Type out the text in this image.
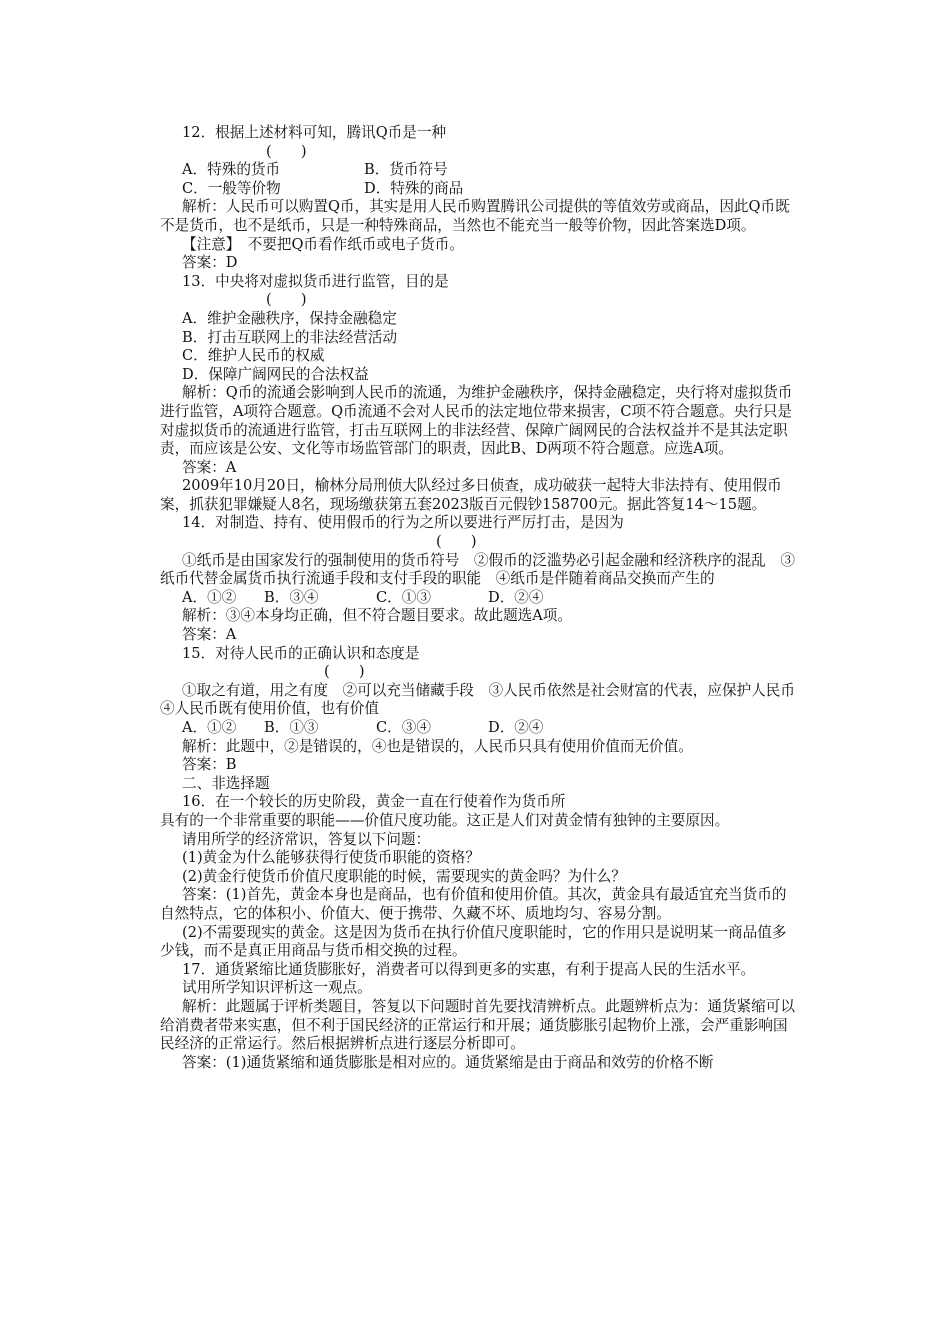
12．根据上述材料可知，腾讯Q币是一种

(　　)

A．特殊的货币	B．货币符号
C．一般等价物	D．特殊的商品

解析：人民币可以购置Q币，其实是用人民币购置腾讯公司提供的等值效劳或商品，因此Q币既不是货币，也不是纸币，只是一种特殊商品，当然也不能充当一般等价物，因此答案选D项。

【注意】　不要把Q币看作纸币或电子货币。

答案：D

13．中央将对虚拟货币进行监管，目的是

(　　)

A．维护金融秩序，保持金融稳定

B．打击互联网上的非法经营活动

C．维护人民币的权威

D．保障广阔网民的合法权益

解析：Q币的流通会影响到人民币的流通，为维护金融秩序，保持金融稳定，央行将对虚拟货币进行监管，A项符合题意。Q币流通不会对人民币的法定地位带来损害，C项不符合题意。央行只是对虚拟货币的流通进行监管，打击互联网上的非法经营、保障广阔网民的合法权益并不是其法定职责，而应该是公安、文化等市场监管部门的职责，因此B、D两项不符合题意。应选A项。

答案：A

2009年10月20日，榆林分局刑侦大队经过多日侦查，成功破获一起特大非法持有、使用假币案，抓获犯罪嫌疑人8名，现场缴获第五套2023版百元假钞158700元。据此答复14～15题。

14．对制造、持有、使用假币的行为之所以要进行严厉打击，是因为

(　　)

①纸币是由国家发行的强制使用的货币符号　②假币的泛滥势必引起金融和经济秩序的混乱　③纸币代替金属货币执行流通手段和支付手段的职能　④纸币是伴随着商品交换而产生的

A．①②	B．③④	C．①③	D．②④

解析：③④本身均正确，但不符合题目要求。故此题选A项。

答案：A

15．对待人民币的正确认识和态度是

(　　)

①取之有道，用之有度　②可以充当储藏手段　③人民币依然是社会财富的代表，应保护人民币　④人民币既有使用价值，也有价值

A．①②	B．①③	C．③④	D．②④

解析：此题中，②是错误的，④也是错误的，人民币只具有使用价值而无价值。

答案：B

二、非选择题

16．在一个较长的历史阶段，黄金一直在行使着作为货币所

具有的一个非常重要的职能——价值尺度功能。这正是人们对黄金情有独钟的主要原因。

请用所学的经济常识，答复以下问题：

(1)黄金为什么能够获得行使货币职能的资格？

(2)黄金行使货币价值尺度职能的时候，需要现实的黄金吗？为什么？

答案：(1)首先，黄金本身也是商品，也有价值和使用价值。其次，黄金具有最适宜充当货币的自然特点，它的体积小、价值大、便于携带、久藏不坏、质地均匀、容易分割。

(2)不需要现实的黄金。这是因为货币在执行价值尺度职能时，它的作用只是说明某一商品值多少钱，而不是真正用商品与货币相交换的过程。

17．通货紧缩比通货膨胀好，消费者可以得到更多的实惠，有利于提高人民的生活水平。

试用所学知识评析这一观点。

解析：此题属于评析类题目，答复以下问题时首先要找清辨析点。此题辨析点为：通货紧缩可以给消费者带来实惠，但不利于国民经济的正常运行和开展；通货膨胀引起物价上涨，会严重影响国民经济的正常运行。然后根据辨析点进行逐层分析即可。

答案：(1)通货紧缩和通货膨胀是相对应的。通货紧缩是由于商品和效劳的价格不断
